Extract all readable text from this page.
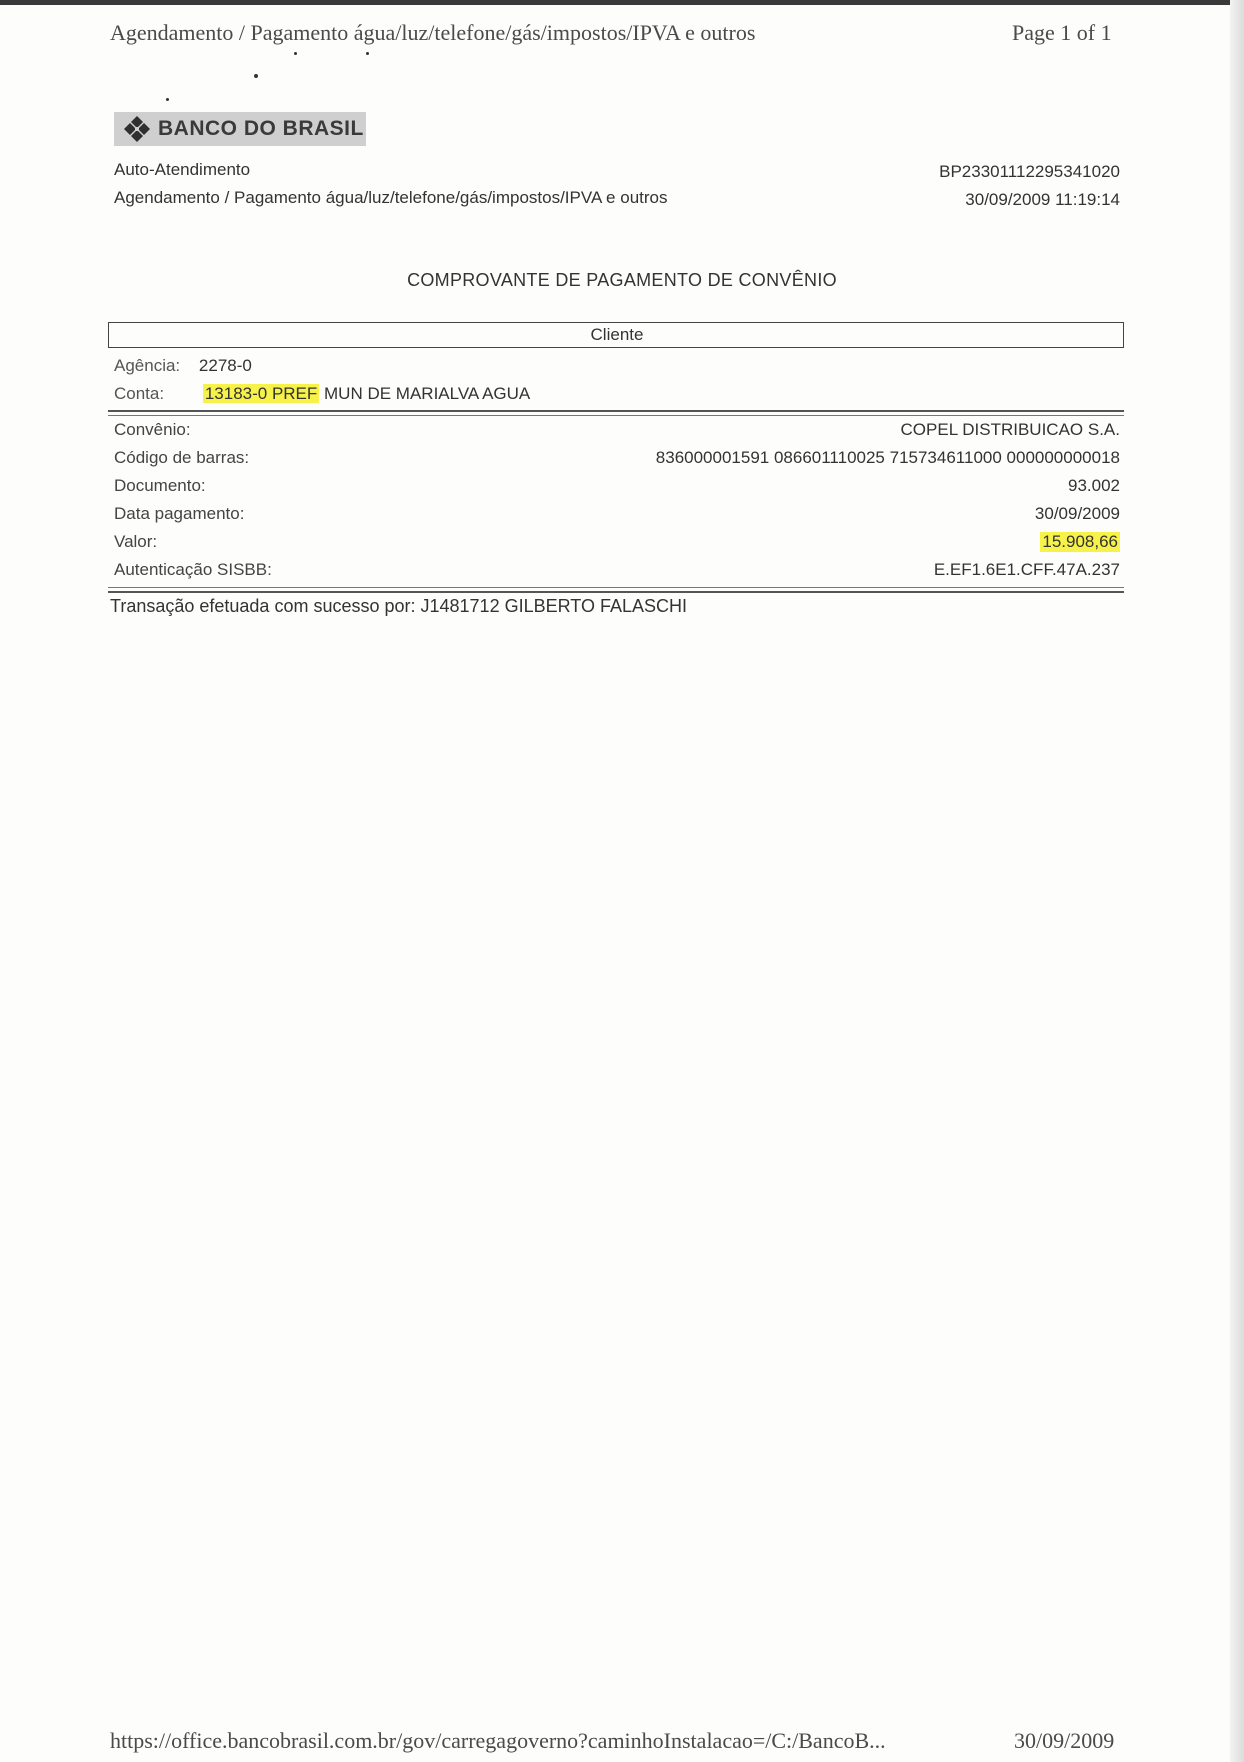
Agendamento / Pagamento água/luz/telefone/gás/impostos/IPVA e outros	Page 1 of 1
BANCO DO BRASIL
Auto-Atendimento
Agendamento / Pagamento água/luz/telefone/gás/impostos/IPVA e outros
BP23301112295341020
30/09/2009 11:19:14
COMPROVANTE DE PAGAMENTO DE CONVÊNIO
Cliente
Agência: 2278-0
Conta: 13183-0 PREF MUN DE MARIALVA AGUA
Convênio:	COPEL DISTRIBUICAO S.A.
Código de barras:	836000001591 086601110025 715734611000 000000000018
Documento:	93.002
Data pagamento:	30/09/2009
Valor:	15.908,66
Autenticação SISBB:	E.EF1.6E1.CFF.47A.237
Transação efetuada com sucesso por: J1481712 GILBERTO FALASCHI
https://office.bancobrasil.com.br/gov/carregagoverno?caminhoInstalacao=/C:/BancoB...	30/09/2009
